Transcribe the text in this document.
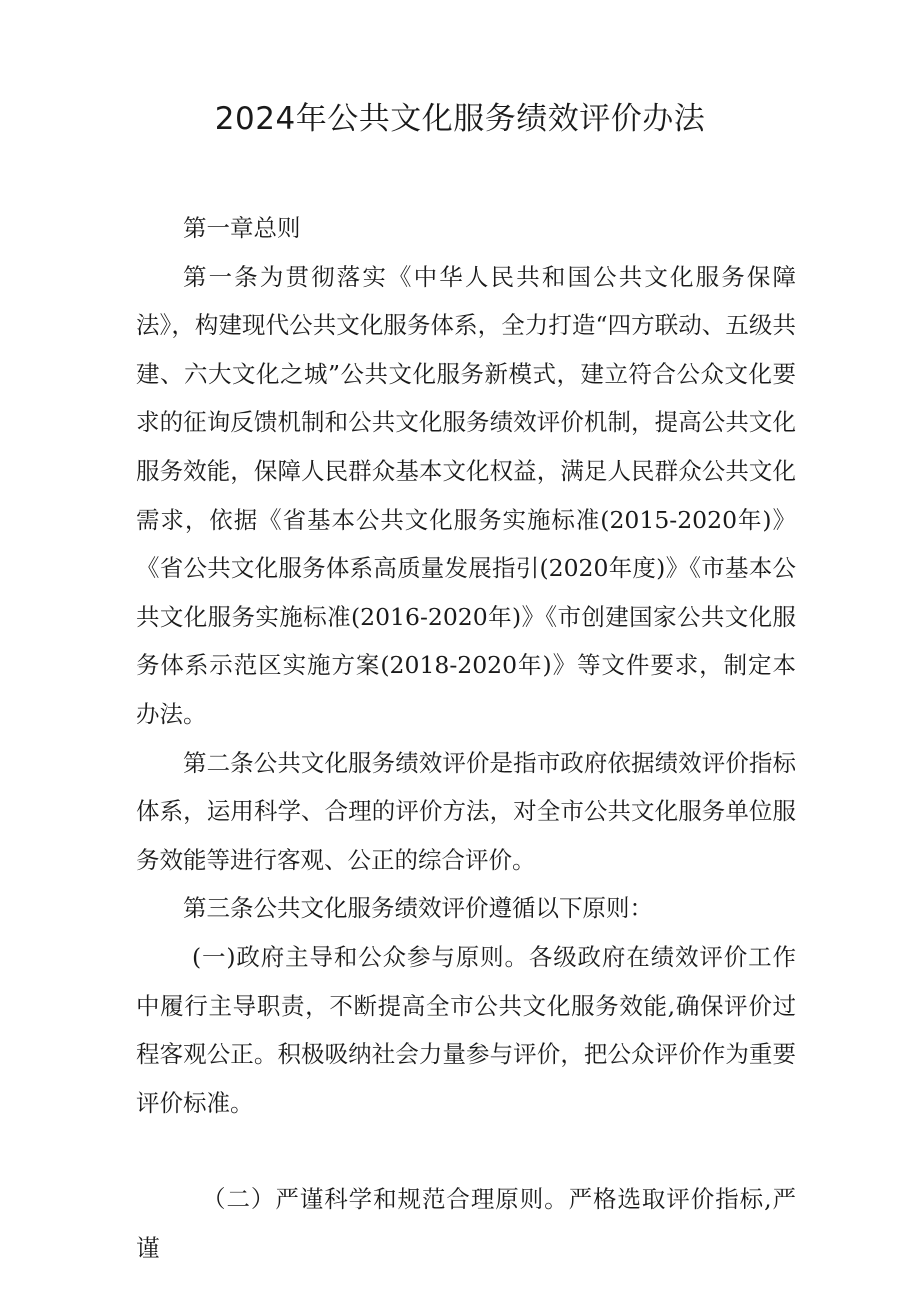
2024年公共文化服务绩效评价办法

第一章总则

第一条为贯彻落实《中华人民共和国公共文化服务保障法》，构建现代公共文化服务体系，全力打造“四方联动、五级共建、六大文化之城”公共文化服务新模式，建立符合公众文化要求的征询反馈机制和公共文化服务绩效评价机制，提高公共文化服务效能，保障人民群众基本文化权益，满足人民群众公共文化需求，依据《省基本公共文化服务实施标准(2015-2020年)》《省公共文化服务体系高质量发展指引(2020年度)》《市基本公共文化服务实施标准(2016-2020年)》《市创建国家公共文化服务体系示范区实施方案(2018-2020年)》等文件要求，制定本办法。

第二条公共文化服务绩效评价是指市政府依据绩效评价指标体系，运用科学、合理的评价方法，对全市公共文化服务单位服务效能等进行客观、公正的综合评价。

第三条公共文化服务绩效评价遵循以下原则：

(一)政府主导和公众参与原则。各级政府在绩效评价工作中履行主导职责，不断提高全市公共文化服务效能,确保评价过程客观公正。积极吸纳社会力量参与评价，把公众评价作为重要评价标准。

（二）严谨科学和规范合理原则。严格选取评价指标,严谨
